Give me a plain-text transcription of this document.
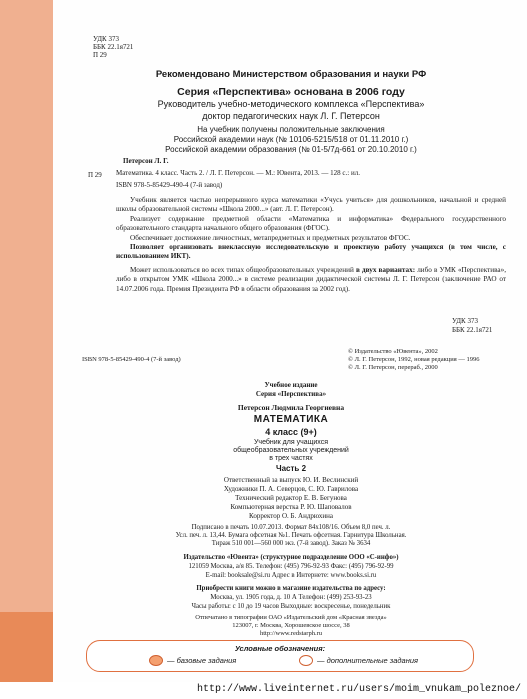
УДК 373
ББК 22.1я721
П 29
Рекомендовано Министерством образования и науки РФ
Серия «Перспектива» основана в 2006 году
Руководитель учебно-методического комплекса «Перспектива»
доктор педагогических наук Л. Г. Петерсон
На учебник получены положительные заключения
Российской академии наук (№ 10106-5215/518 от 01.11.2010 г.)
Российской академии образования (№ 01-5/7д-661 от 20.10.2010 г.)
П 29
Петерсон Л. Г.
Математика. 4 класс. Часть 2. / Л. Г. Петерсон. — М.: Ювента, 2013. — 128 с.: ил.
ISBN 978-5-85429-490-4 (7-й завод)
Учебник является частью непрерывного курса математики «Учусь учиться» для дошкольников, начальной и средней школы образовательной системы «Школа 2000...» (авт. Л. Г. Петерсон).
Реализует содержание предметной области «Математика и информатика» Федерального государственного образовательного стандарта начального общего образования (ФГОС).
Обеспечивает достижение личностных, метапредметных и предметных результатов ФГОС.
Позволяет организовать внеклассную исследовательскую и проектную работу учащихся (в том числе, с использованием ИКТ).
Может использоваться во всех типах общеобразовательных учреждений в двух вариантах: либо в УМК «Перспектива», либо в открытом УМК «Школа 2000...» в системе реализации дидактической системы Л. Г. Петерсон (заключение РАО от 14.07.2006 года. Премия Президента РФ в области образования за 2002 год).
УДК 373
ББК 22.1я721
ISBN 978-5-85429-490-4 (7-й завод)
© Издательство «Ювента», 2002
© Л. Г. Петерсон, 1992, новая редакция — 1996
© Л. Г. Петерсон, перераб., 2000
Учебное издание
Серия «Перспектива»
Петерсон Людмила Георгиевна
МАТЕМАТИКА
4 класс (9+)
Учебник для учащихся
общеобразовательных учреждений
в трех частях
Часть 2
Ответственный за выпуск Ю. И. Веслинский
Художники П. А. Северцов, С. Ю. Гаврилова
Технический редактор Е. В. Бегунова
Компьютерная верстка Р. Ю. Шаповалов
Корректор О. Б. Андрюхина
Подписано в печать 10.07.2013. Формат 84х108/16. Объем 8,0 печ. л.
Усл. печ. л. 13,44. Бумага офсетная №1. Печать офсетная. Гарнитура Школьная.
Тираж 510 001—560 000 экз. (7-й завод). Заказ № 3634
Издательство «Ювента» (структурное подразделение ООО «С-инфо»)
121059 Москва, а/я 85. Телефон: (495) 796-92-93 Факс: (495) 796-92-99
E-mail: booksale@si.ru Адрес в Интернете: www.books.si.ru
Приобрести книги можно в магазине издательства по адресу:
Москва, ул. 1905 года, д. 10 А Телефон: (499) 253-93-23
Часы работы: с 10 до 19 часов Выходные: воскресенье, понедельник
Отпечатано в типографии ОАО «Издательский дом «Красная звезда»
123007, г. Москва, Хорошевское шоссе, 38
http://www.redstarph.ru
Условные обозначения:
— базовые задания	— дополнительные задания
http://www.liveinternet.ru/users/moim_vnukam_poleznoe/
